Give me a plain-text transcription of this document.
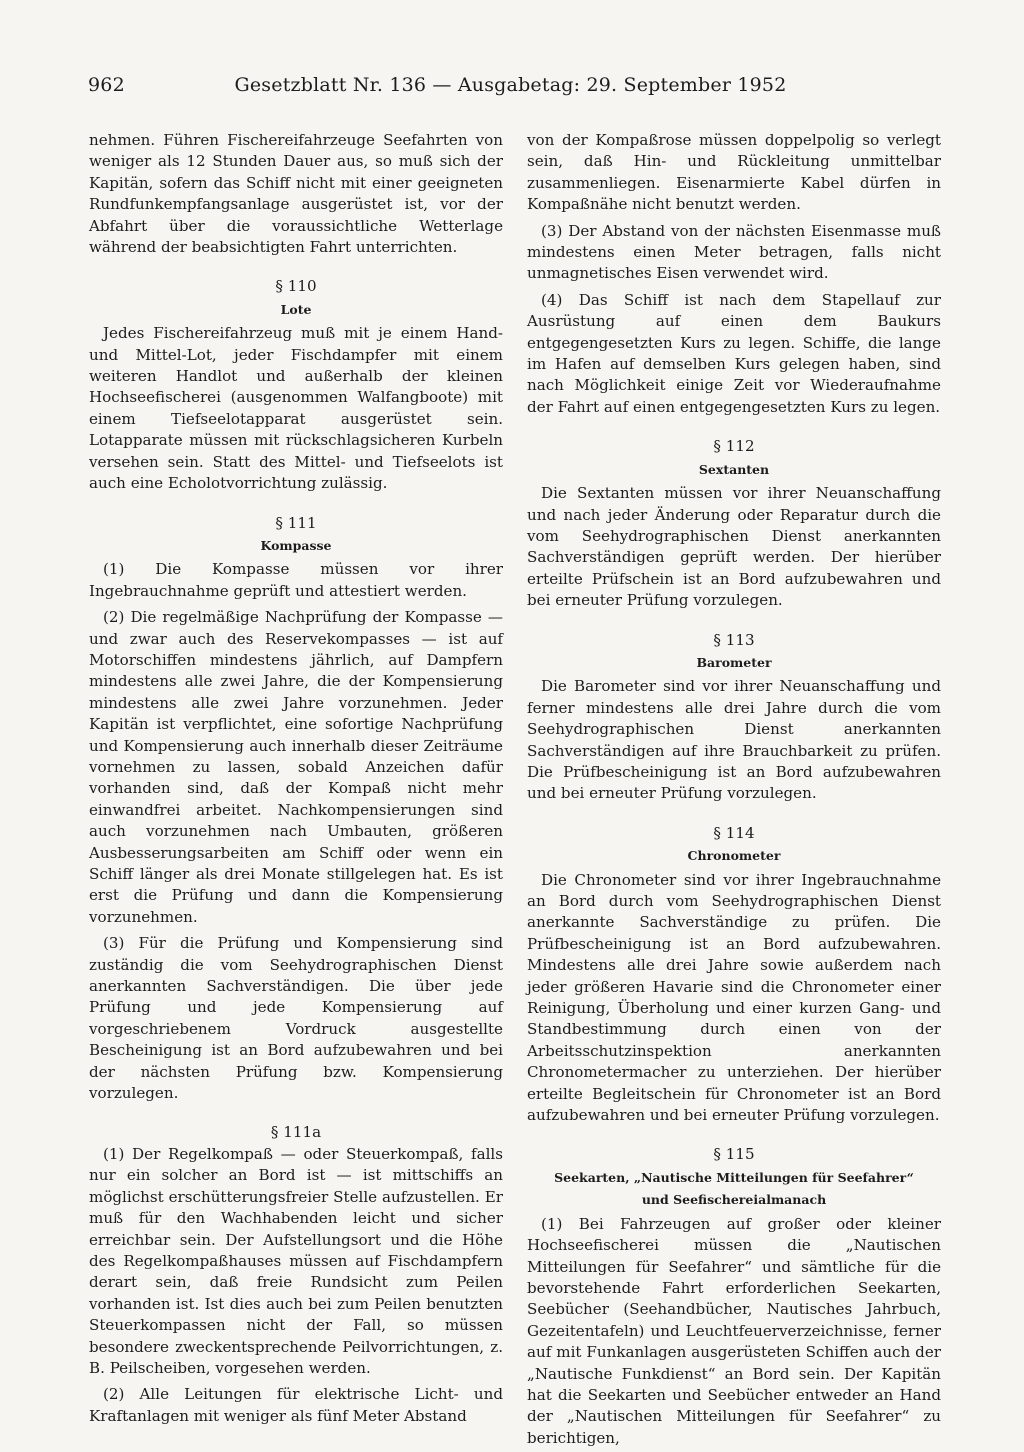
962	Gesetzblatt Nr. 136 — Ausgabetag: 29. September 1952

nehmen. Führen Fischereifahrzeuge Seefahrten von weniger als 12 Stunden Dauer aus, so muß sich der Kapitän, sofern das Schiff nicht mit einer geeigneten Rundfunkempfangsanlage ausgerüstet ist, vor der Abfahrt über die voraussichtliche Wetterlage während der beabsichtigten Fahrt unterrichten.

§ 110
Lote

Jedes Fischereifahrzeug muß mit je einem Hand- und Mittel-Lot, jeder Fischdampfer mit einem weiteren Handlot und außerhalb der kleinen Hochseefischerei (ausgenommen Walfangboote) mit einem Tiefseelotapparat ausgerüstet sein. Lotapparate müssen mit rückschlagsicheren Kurbeln versehen sein. Statt des Mittel- und Tiefseelots ist auch eine Echolotvorrichtung zulässig.

§ 111
Kompasse

(1) Die Kompasse müssen vor ihrer Ingebrauchnahme geprüft und attestiert werden.

(2) Die regelmäßige Nachprüfung der Kompasse — und zwar auch des Reservekompasses — ist auf Motorschiffen mindestens jährlich, auf Dampfern mindestens alle zwei Jahre, die der Kompensierung mindestens alle zwei Jahre vorzunehmen. Jeder Kapitän ist verpflichtet, eine sofortige Nachprüfung und Kompensierung auch innerhalb dieser Zeiträume vornehmen zu lassen, sobald Anzeichen dafür vorhanden sind, daß der Kompaß nicht mehr einwandfrei arbeitet. Nachkompensierungen sind auch vorzunehmen nach Umbauten, größeren Ausbesserungsarbeiten am Schiff oder wenn ein Schiff länger als drei Monate stillgelegen hat. Es ist erst die Prüfung und dann die Kompensierung vorzunehmen.

(3) Für die Prüfung und Kompensierung sind zuständig die vom Seehydrographischen Dienst anerkannten Sachverständigen. Die über jede Prüfung und jede Kompensierung auf vorgeschriebenem Vordruck ausgestellte Bescheinigung ist an Bord aufzubewahren und bei der nächsten Prüfung bzw. Kompensierung vorzulegen.

§ 111a

(1) Der Regelkompaß — oder Steuerkompaß, falls nur ein solcher an Bord ist — ist mittschiffs an möglichst erschütterungsfreier Stelle aufzustellen. Er muß für den Wachhabenden leicht und sicher erreichbar sein. Der Aufstellungsort und die Höhe des Regelkompaßhauses müssen auf Fischdampfern derart sein, daß freie Rundsicht zum Peilen vorhanden ist. Ist dies auch bei zum Peilen benutzten Steuerkompassen nicht der Fall, so müssen besondere zweckentsprechende Peilvorrichtungen, z. B. Peilscheiben, vorgesehen werden.

(2) Alle Leitungen für elektrische Licht- und Kraftanlagen mit weniger als fünf Meter Abstand

von der Kompaßrose müssen doppelpolig so verlegt sein, daß Hin- und Rückleitung unmittelbar zusammenliegen. Eisenarmierte Kabel dürfen in Kompaßnähe nicht benutzt werden.

(3) Der Abstand von der nächsten Eisenmasse muß mindestens einen Meter betragen, falls nicht unmagnetisches Eisen verwendet wird.

(4) Das Schiff ist nach dem Stapellauf zur Ausrüstung auf einen dem Baukurs entgegengesetzten Kurs zu legen. Schiffe, die lange im Hafen auf demselben Kurs gelegen haben, sind nach Möglichkeit einige Zeit vor Wiederaufnahme der Fahrt auf einen entgegengesetzten Kurs zu legen.

§ 112
Sextanten

Die Sextanten müssen vor ihrer Neuanschaffung und nach jeder Änderung oder Reparatur durch die vom Seehydrographischen Dienst anerkannten Sachverständigen geprüft werden. Der hierüber erteilte Prüfschein ist an Bord aufzubewahren und bei erneuter Prüfung vorzulegen.

§ 113
Barometer

Die Barometer sind vor ihrer Neuanschaffung und ferner mindestens alle drei Jahre durch die vom Seehydrographischen Dienst anerkannten Sachverständigen auf ihre Brauchbarkeit zu prüfen. Die Prüfbescheinigung ist an Bord aufzubewahren und bei erneuter Prüfung vorzulegen.

§ 114
Chronometer

Die Chronometer sind vor ihrer Ingebrauchnahme an Bord durch vom Seehydrographischen Dienst anerkannte Sachverständige zu prüfen. Die Prüfbescheinigung ist an Bord aufzubewahren. Mindestens alle drei Jahre sowie außerdem nach jeder größeren Havarie sind die Chronometer einer Reinigung, Überholung und einer kurzen Gang- und Standbestimmung durch einen von der Arbeitsschutzinspektion anerkannten Chronometermacher zu unterziehen. Der hierüber erteilte Begleitschein für Chronometer ist an Bord aufzubewahren und bei erneuter Prüfung vorzulegen.

§ 115
Seekarten, „Nautische Mitteilungen für Seefahrer“
und Seefischereialmanach

(1) Bei Fahrzeugen auf großer oder kleiner Hochseefischerei müssen die „Nautischen Mitteilungen für Seefahrer“ und sämtliche für die bevorstehende Fahrt erforderlichen Seekarten, Seebücher (Seehandbücher, Nautisches Jahrbuch, Gezeitentafeln) und Leuchtfeuerverzeichnisse, ferner auf mit Funkanlagen ausgerüsteten Schiffen auch der „Nautische Funkdienst“ an Bord sein. Der Kapitän hat die Seekarten und Seebücher entweder an Hand der „Nautischen Mitteilungen für Seefahrer“ zu berichtigen,
